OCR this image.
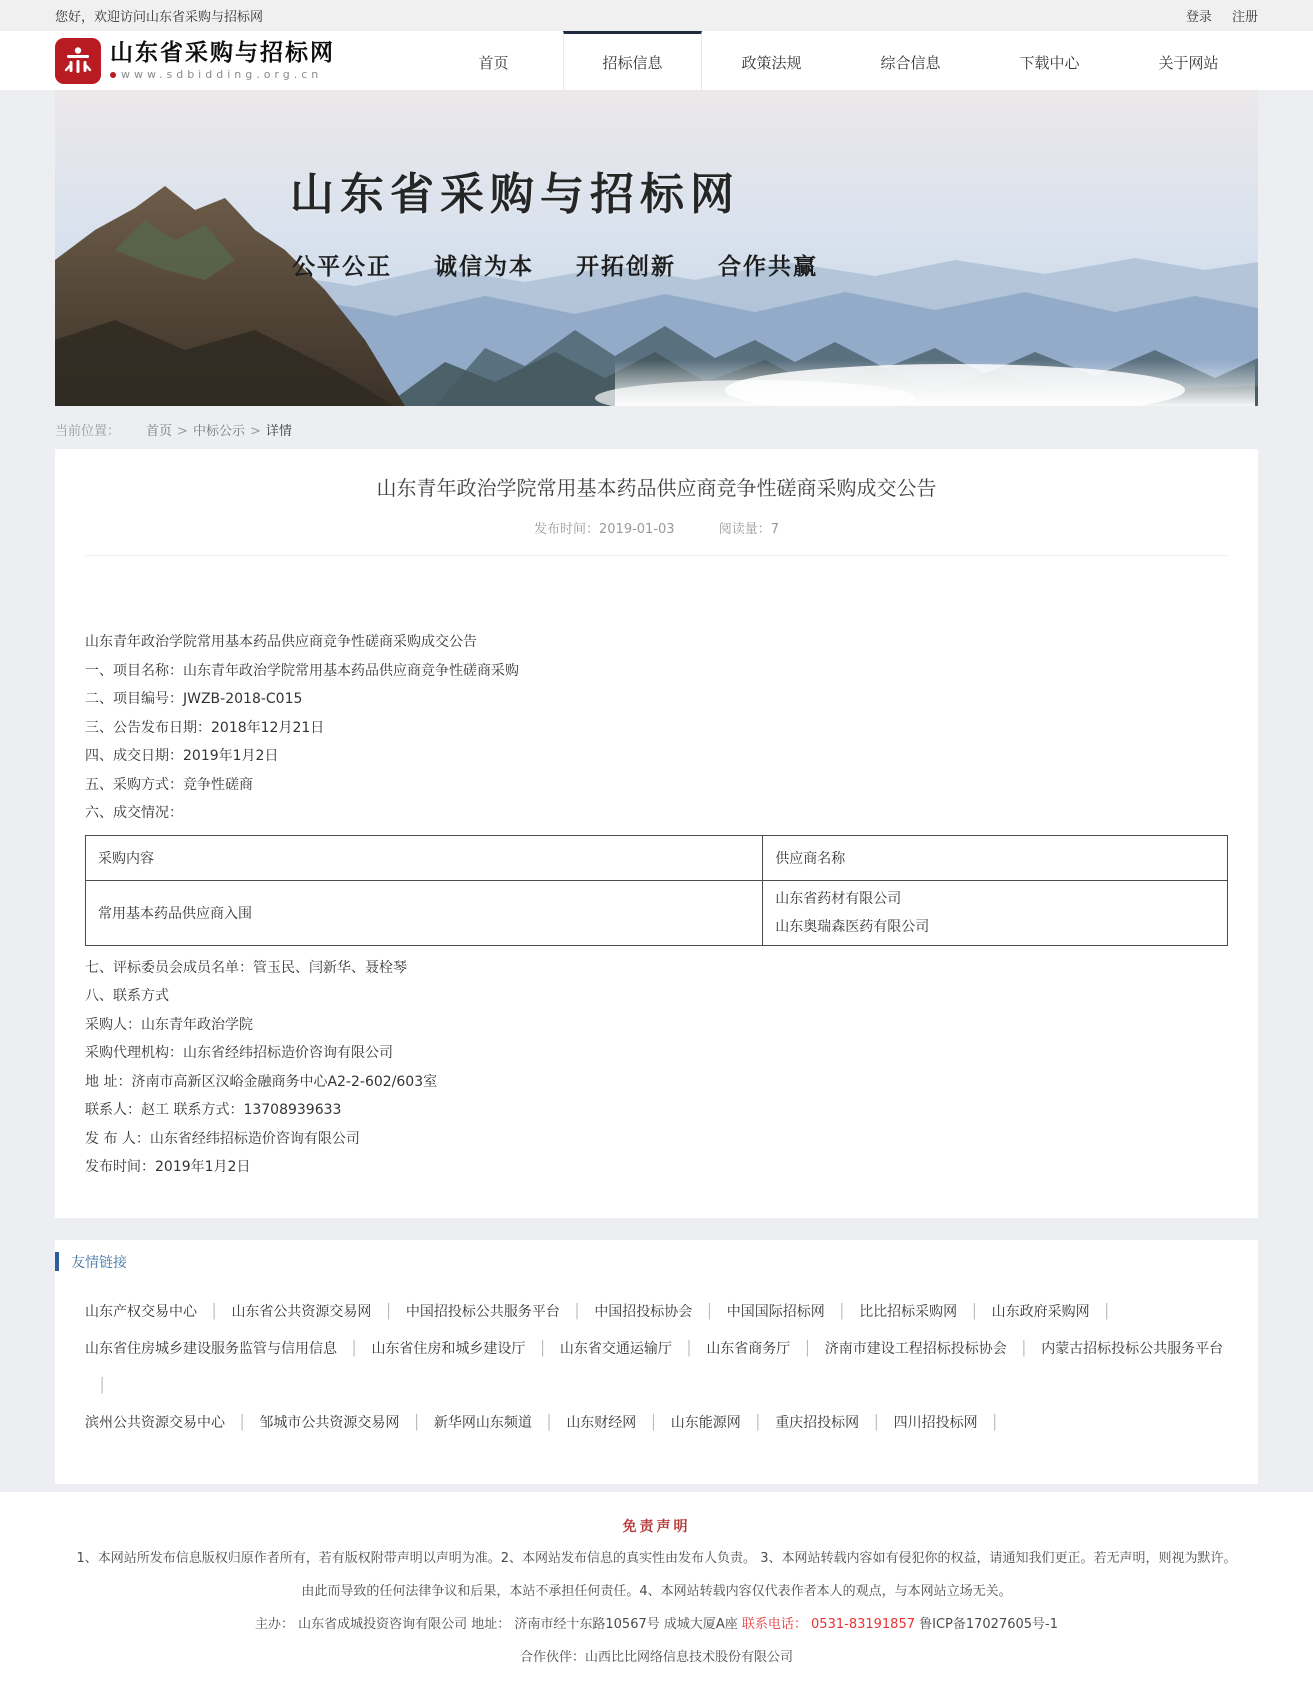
您好，欢迎访问山东省采购与招标网	登录 注册
山东省采购与招标网
www.sdbidding.org.cn
首页	招标信息	政策法规	综合信息	下载中心	关于网站
山东省采购与招标网
公平公正 诚信为本 开拓创新 合作共赢
当前位置： 首页 > 中标公示 > 详情
山东青年政治学院常用基本药品供应商竞争性磋商采购成交公告
发布时间：2019-01-03	阅读量：7

山东青年政治学院常用基本药品供应商竞争性磋商采购成交公告

一、项目名称：山东青年政治学院常用基本药品供应商竞争性磋商采购

二、项目编号：JWZB-2018-C015

三、公告发布日期：2018年12月21日

四、成交日期：2019年1月2日

五、采购方式：竞争性磋商

六、成交情况：

采购内容	供应商名称
常用基本药品供应商入围	山东省药材有限公司
山东奥瑞森医药有限公司

七、评标委员会成员名单：管玉民、闫新华、聂栓琴

八、联系方式

采购人：山东青年政治学院

采购代理机构：山东省经纬招标造价咨询有限公司

地 址：济南市高新区汉峪金融商务中心A2-2-602/603室

联系人：赵工 联系方式：13708939633

发 布 人：山东省经纬招标造价咨询有限公司

发布时间：2019年1月2日

友情链接
山东产权交易中心 │ 山东省公共资源交易网 │ 中国招投标公共服务平台 │ 中国招投标协会 │ 中国国际招标网 │ 比比招标采购网 │ 山东政府采购网 │
山东省住房城乡建设服务监管与信用信息 │ 山东省住房和城乡建设厅 │ 山东省交通运输厅 │ 山东省商务厅 │ 济南市建设工程招标投标协会 │ 内蒙古招标投标公共服务平台│
滨州公共资源交易中心 │ 邹城市公共资源交易网 │ 新华网山东频道 │ 山东财经网 │ 山东能源网 │ 重庆招投标网 │ 四川招投标网 │
免责声明
1、本网站所发布信息版权归原作者所有，若有版权附带声明以声明为准。2、本网站发布信息的真实性由发布人负责。 3、本网站转载内容如有侵犯你的权益，请通知我们更正。若无声明，则视为默许。
由此而导致的任何法律争议和后果，本站不承担任何责任。4、本网站转载内容仅代表作者本人的观点，与本网站立场无关。
主办： 山东省成城投资咨询有限公司 地址： 济南市经十东路10567号 成城大厦A座 联系电话： 0531-83191857 鲁ICP备17027605号-1
合作伙伴：山西比比网络信息技术股份有限公司
